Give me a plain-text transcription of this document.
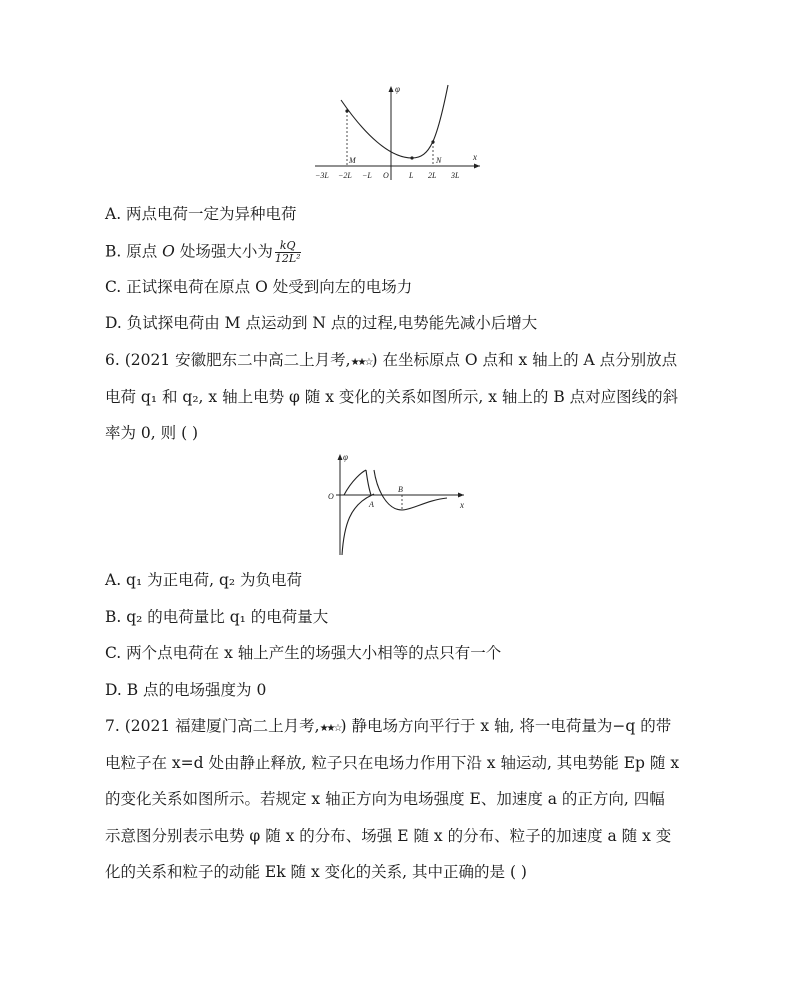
φ
x
M	N
−3L −2L −L O	L 2L 3L
A. 两点电荷一定为异种电荷
B. 原点 O 处场强大小为 $\frac{kQ}{\text{12L²}}$
C. 正试探电荷在原点 O 处受到向左的电场力
D. 负试探电荷由 M 点运动到 N 点的过程,电势能先减小后增大
6. (2021 安徽肥东二中高二上月考,★★☆) 在坐标原点 O 点和 x 轴上的 A 点分别放点
电荷 q₁ 和 q₂, x 轴上电势 φ 随 x 变化的关系如图所示, x 轴上的 B 点对应图线的斜
率为 0, 则 ( )
φ
x
O
A
B
A. q₁ 为正电荷, q₂ 为负电荷
B. q₂ 的电荷量比 q₁ 的电荷量大
C. 两个点电荷在 x 轴上产生的场强大小相等的点只有一个
D. B 点的电场强度为 0
7. (2021 福建厦门高二上月考,★★☆) 静电场方向平行于 x 轴, 将一电荷量为−q 的带
电粒子在 x=d 处由静止释放, 粒子只在电场力作用下沿 x 轴运动, 其电势能 Ep 随 x
的变化关系如图所示。若规定 x 轴正方向为电场强度 E、加速度 a 的正方向, 四幅
示意图分别表示电势 φ 随 x 的分布、场强 E 随 x 的分布、粒子的加速度 a 随 x 变
化的关系和粒子的动能 Ek 随 x 变化的关系, 其中正确的是 ( )
